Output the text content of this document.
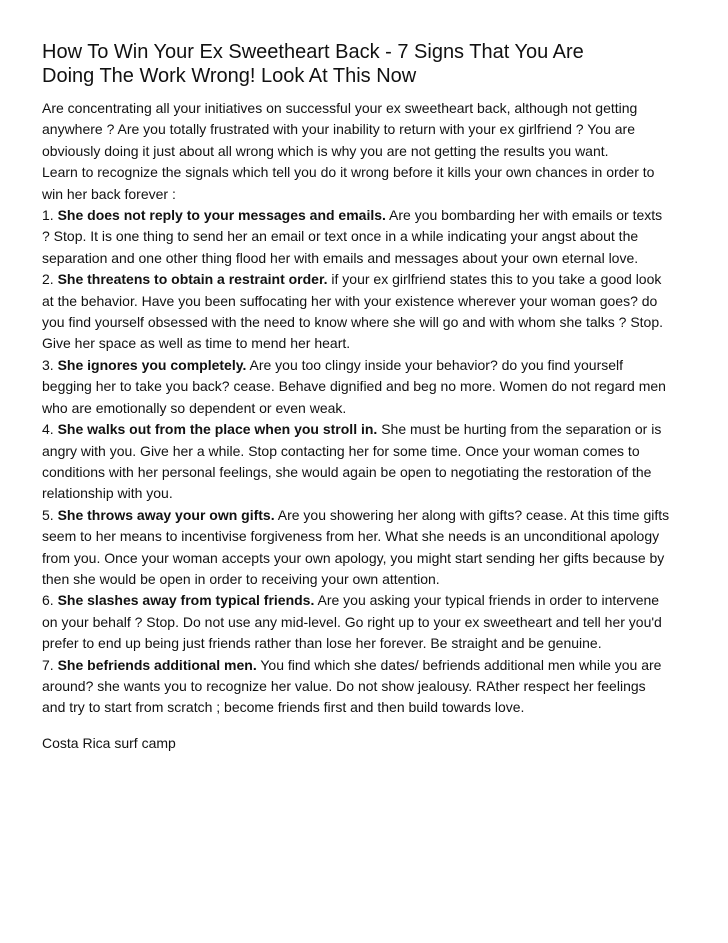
How To Win Your Ex Sweetheart Back - 7 Signs That You Are
Doing The Work Wrong! Look At This Now

Are concentrating all your initiatives on successful your ex sweetheart back, although not getting

anywhere ? Are you totally frustrated with your inability to return with your ex girlfriend ? You are

obviously doing it just about all wrong which is why you are not getting the results you want.

Learn to recognize the signals which tell you do it wrong before it kills your own chances in order to

win her back forever :

1. She does not reply to your messages and emails. Are you bombarding her with emails or texts

? Stop. It is one thing to send her an email or text once in a while indicating your angst about the

separation and one other thing flood her with emails and messages about your own eternal love.

2. She threatens to obtain a restraint order. if your ex girlfriend states this to you take a good look

at the behavior. Have you been suffocating her with your existence wherever your woman goes? do

you find yourself obsessed with the need to know where she will go and with whom she talks ? Stop.

Give her space as well as time to mend her heart.

3. She ignores you completely. Are you too clingy inside your behavior? do you find yourself

begging her to take you back? cease. Behave dignified and beg no more. Women do not regard men

who are emotionally so dependent or even weak.

4. She walks out from the place when you stroll in. She must be hurting from the separation or is

angry with you. Give her a while. Stop contacting her for some time. Once your woman comes to

conditions with her personal feelings, she would again be open to negotiating the restoration of the

relationship with you.

5. She throws away your own gifts. Are you showering her along with gifts? cease. At this time gifts

seem to her means to incentivise forgiveness from her. What she needs is an unconditional apology

from you. Once your woman accepts your own apology, you might start sending her gifts because by

then she would be open in order to receiving your own attention.

6. She slashes away from typical friends. Are you asking your typical friends in order to intervene

on your behalf ? Stop. Do not use any mid-level. Go right up to your ex sweetheart and tell her you'd

prefer to end up being just friends rather than lose her forever. Be straight and be genuine.

7. She befriends additional men. You find which she dates/ befriends additional men while you are

around? she wants you to recognize her value. Do not show jealousy. RAther respect her feelings

and try to start from scratch ; become friends first and then build towards love.

Costa Rica surf camp
